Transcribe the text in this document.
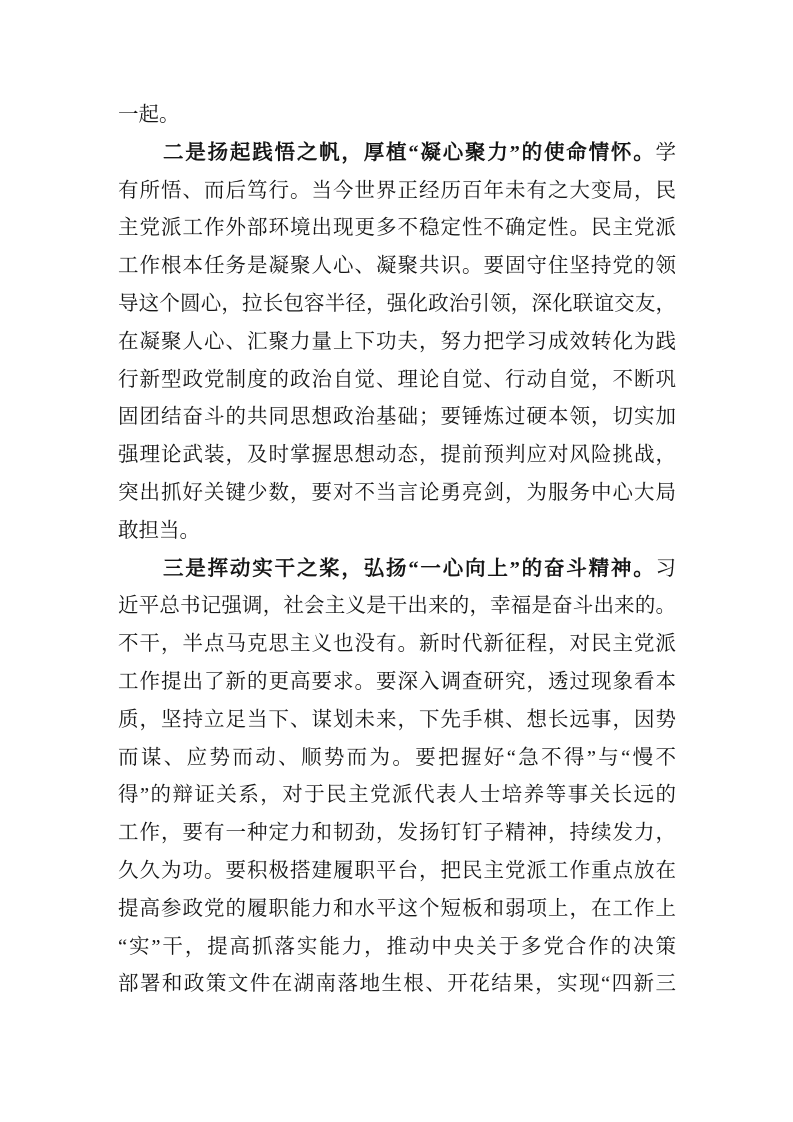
一起。
二是扬起践悟之帆，厚植“凝心聚力”的使命情怀。学
有所悟、而后笃行。当今世界正经历百年未有之大变局，民
主党派工作外部环境出现更多不稳定性不确定性。民主党派
工作根本任务是凝聚人心、凝聚共识。要固守住坚持党的领
导这个圆心，拉长包容半径，强化政治引领，深化联谊交友，
在凝聚人心、汇聚力量上下功夫，努力把学习成效转化为践
行新型政党制度的政治自觉、理论自觉、行动自觉，不断巩
固团结奋斗的共同思想政治基础；要锤炼过硬本领，切实加
强理论武装，及时掌握思想动态，提前预判应对风险挑战，
突出抓好关键少数，要对不当言论勇亮剑，为服务中心大局
敢担当。
三是挥动实干之桨，弘扬“一心向上”的奋斗精神。习
近平总书记强调，社会主义是干出来的，幸福是奋斗出来的。
不干，半点马克思主义也没有。新时代新征程，对民主党派
工作提出了新的更高要求。要深入调查研究，透过现象看本
质，坚持立足当下、谋划未来，下先手棋、想长远事，因势
而谋、应势而动、顺势而为。要把握好“急不得”与“慢不
得”的辩证关系，对于民主党派代表人士培养等事关长远的
工作，要有一种定力和韧劲，发扬钉钉子精神，持续发力，
久久为功。要积极搭建履职平台，把民主党派工作重点放在
提高参政党的履职能力和水平这个短板和弱项上，在工作上
“实”干，提高抓落实能力，推动中央关于多党合作的决策
部署和政策文件在湖南落地生根、开花结果，实现“四新三
